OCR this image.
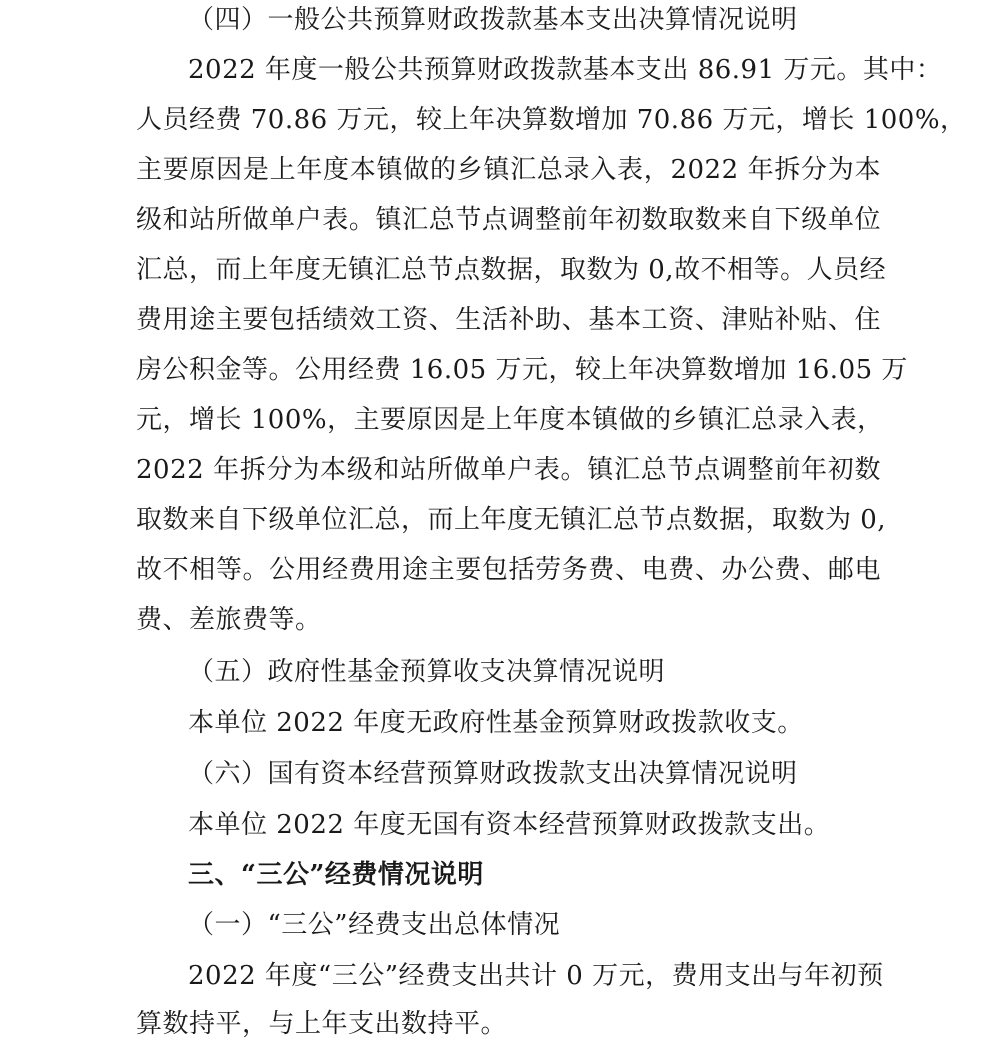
（四）一般公共预算财政拨款基本支出决算情况说明
2022 年度一般公共预算财政拨款基本支出 86.91 万元。其中：
人员经费 70.86 万元，较上年决算数增加 70.86 万元，增长 100%，
主要原因是上年度本镇做的乡镇汇总录入表，2022 年拆分为本
级和站所做单户表。镇汇总节点调整前年初数取数来自下级单位
汇总，而上年度无镇汇总节点数据，取数为 0,故不相等。人员经
费用途主要包括绩效工资、生活补助、基本工资、津贴补贴、住
房公积金等。公用经费 16.05 万元，较上年决算数增加 16.05 万
元，增长 100%，主要原因是上年度本镇做的乡镇汇总录入表，
2022 年拆分为本级和站所做单户表。镇汇总节点调整前年初数
取数来自下级单位汇总，而上年度无镇汇总节点数据，取数为 0,
故不相等。公用经费用途主要包括劳务费、电费、办公费、邮电
费、差旅费等。
（五）政府性基金预算收支决算情况说明
本单位 2022 年度无政府性基金预算财政拨款收支。
（六）国有资本经营预算财政拨款支出决算情况说明
本单位 2022 年度无国有资本经营预算财政拨款支出。
三、“三公”经费情况说明
（一）“三公”经费支出总体情况
2022 年度“三公”经费支出共计 0 万元，费用支出与年初预
算数持平，与上年支出数持平。
